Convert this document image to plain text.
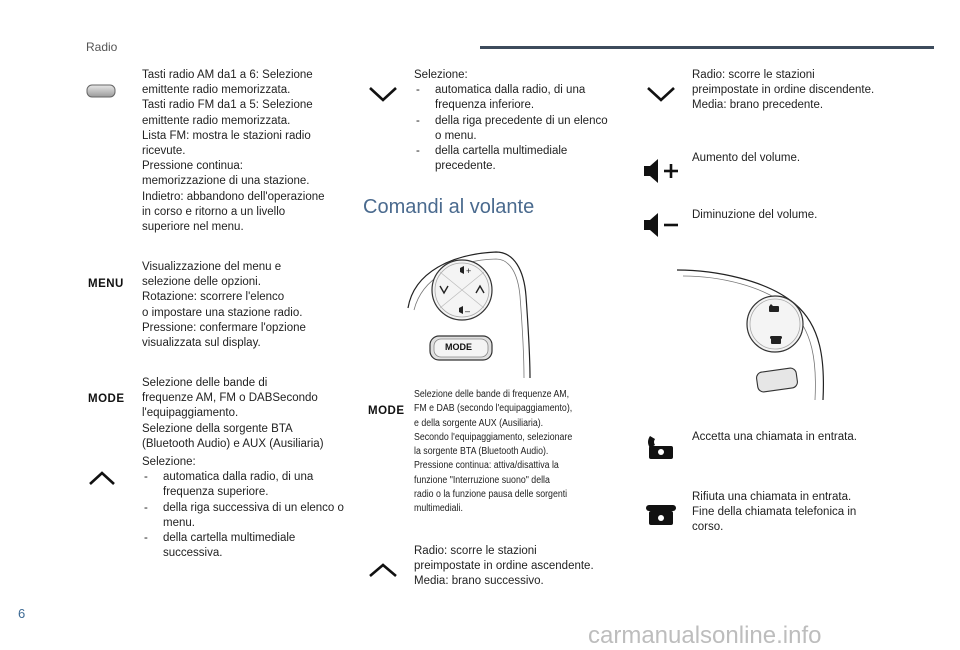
Radio

Tasti radio AM da1 a 6: Selezione

emittente radio memorizzata.

Tasti radio FM da1 a 5: Selezione

emittente radio memorizzata.

Lista FM: mostra le stazioni radio

ricevute.

Pressione continua:

memorizzazione di una stazione.

Indietro: abbandono dell'operazione

in corso e ritorno a un livello

superiore nel menu.

MENU

Visualizzazione del menu e

selezione delle opzioni.

Rotazione: scorrere l'elenco

o impostare una stazione radio.

Pressione: confermare l'opzione

visualizzata sul display.

MODE

Selezione delle bande di

frequenze AM, FM o DABSecondo

l'equipaggiamento.

Selezione della sorgente BTA

(Bluetooth Audio) e AUX (Ausiliaria)

Selezione:

- automatica dalla radio, di una frequenza superiore.
- della riga successiva di un elenco o menu.
- della cartella multimediale successiva.

Selezione:

- automatica dalla radio, di una frequenza inferiore.
- della riga precedente di un elenco o menu.
- della cartella multimediale precedente.
Comandi al volante
+
–
MODE
MODE

Selezione delle bande di frequenze AM,

FM e DAB (secondo l'equipaggiamento),

e della sorgente AUX (Ausiliaria).

Secondo l'equipaggiamento, selezionare

la sorgente BTA (Bluetooth Audio).

Pressione continua: attiva/disattiva la

funzione "Interruzione suono" della

radio o la funzione pausa delle sorgenti

multimediali.

Radio: scorre le stazioni

preimpostate in ordine ascendente.

Media: brano successivo.

Radio: scorre le stazioni

preimpostate in ordine discendente.

Media: brano precedente.

Aumento del volume.
Diminuzione del volume.
Accetta una chiamata in entrata.

Rifiuta una chiamata in entrata.

Fine della chiamata telefonica in

corso.

6
carmanualsonline.info
